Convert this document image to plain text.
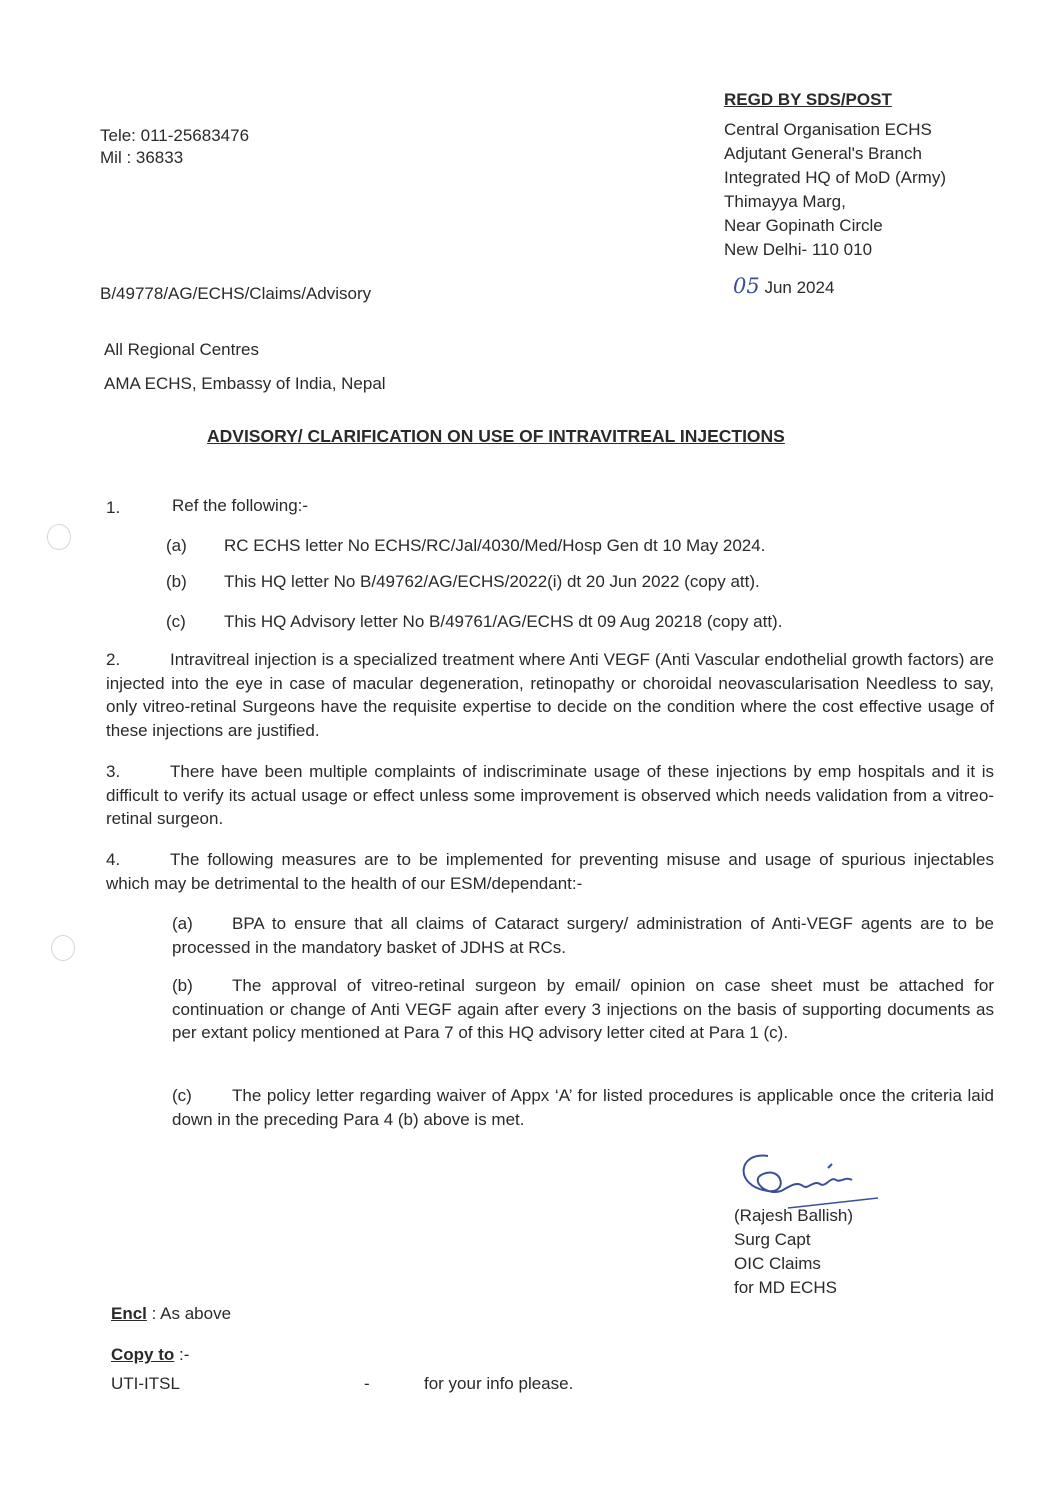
Tele: 011-25683476
Mil : 36833
REGD BY SDS/POST
Central Organisation ECHS
Adjutant General's Branch
Integrated HQ of MoD (Army)
Thimayya Marg,
Near Gopinath Circle
New Delhi- 110 010
05 Jun 2024
B/49778/AG/ECHS/Claims/Advisory
All Regional Centres
AMA ECHS, Embassy of India, Nepal
ADVISORY/ CLARIFICATION ON USE OF INTRAVITREAL INJECTIONS
1.	Ref the following:-
(a) RC ECHS letter No ECHS/RC/Jal/4030/Med/Hosp Gen dt 10 May 2024.
(b) This HQ letter No B/49762/AG/ECHS/2022(i) dt 20 Jun 2022 (copy att).
(c) This HQ Advisory letter No B/49761/AG/ECHS dt 09 Aug 20218 (copy att).
2.	Intravitreal injection is a specialized treatment where Anti VEGF (Anti Vascular endothelial growth factors) are injected into the eye in case of macular degeneration, retinopathy or choroidal neovascularisation Needless to say, only vitreo-retinal Surgeons have the requisite expertise to decide on the condition where the cost effective usage of these injections are justified.
3.	There have been multiple complaints of indiscriminate usage of these injections by emp hospitals and it is difficult to verify its actual usage or effect unless some improvement is observed which needs validation from a vitreo-retinal surgeon.
4.	The following measures are to be implemented for preventing misuse and usage of spurious injectables which may be detrimental to the health of our ESM/dependant:-
(a) BPA to ensure that all claims of Cataract surgery/ administration of Anti-VEGF agents are to be processed in the mandatory basket of JDHS at RCs.
(b) The approval of vitreo-retinal surgeon by email/ opinion on case sheet must be attached for continuation or change of Anti VEGF again after every 3 injections on the basis of supporting documents as per extant policy mentioned at Para 7 of this HQ advisory letter cited at Para 1 (c).
(c) The policy letter regarding waiver of Appx ‘A’ for listed procedures is applicable once the criteria laid down in the preceding Para 4 (b) above is met.
(Rajesh Ballish)
Surg Capt
OIC Claims
for MD ECHS
Encl : As above
Copy to :-
UTI-ITSL	-	for your info please.
